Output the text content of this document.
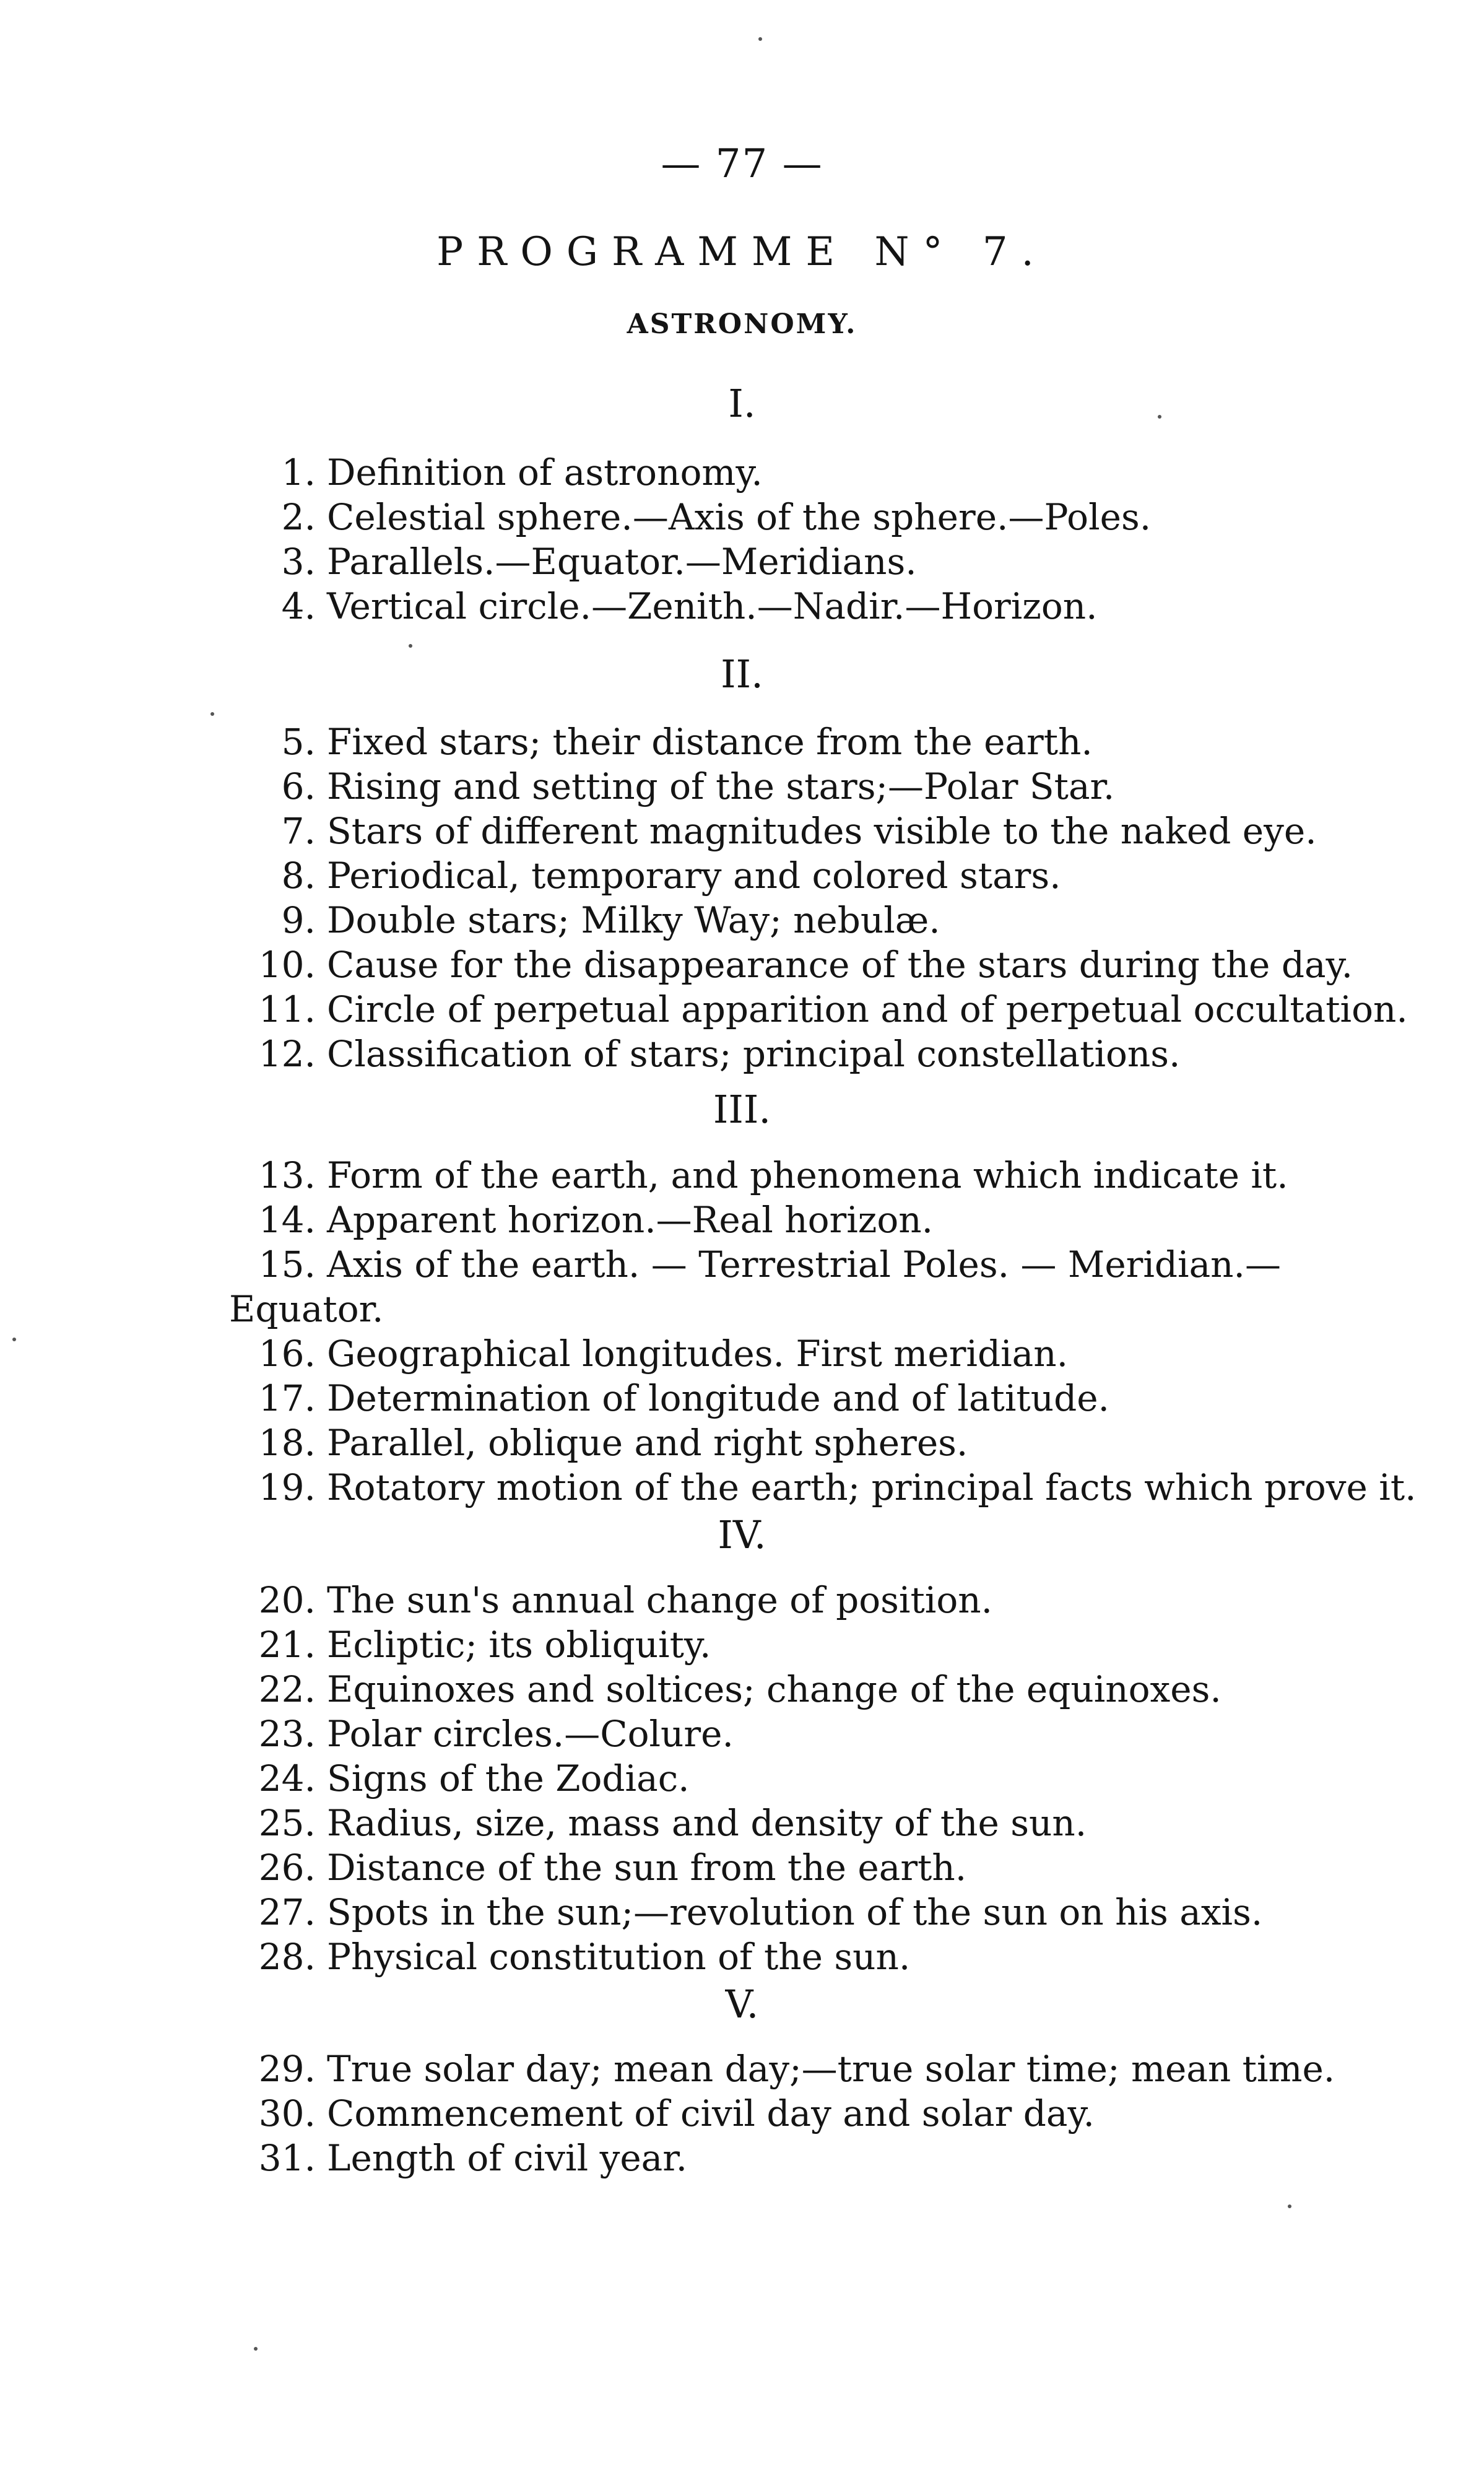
— 77 —
PROGRAMME N° 7.
ASTRONOMY.
I.
1. Definition of astronomy.
2. Celestial sphere.—Axis of the sphere.—Poles.
3. Parallels.—Equator.—Meridians.
4. Vertical circle.—Zenith.—Nadir.—Horizon.
II.
5. Fixed stars; their distance from the earth.
6. Rising and setting of the stars;—Polar Star.
7. Stars of different magnitudes visible to the naked eye.
8. Periodical, temporary and colored stars.
9. Double stars; Milky Way; nebulæ.
10. Cause for the disappearance of the stars during the day.
11. Circle of perpetual apparition and of perpetual occultation.
12. Classification of stars; principal constellations.
III.
13. Form of the earth, and phenomena which indicate it.
14. Apparent horizon.—Real horizon.
15. Axis of the earth. — Terrestrial Poles. — Meridian.—
Equator.
16. Geographical longitudes. First meridian.
17. Determination of longitude and of latitude.
18. Parallel, oblique and right spheres.
19. Rotatory motion of the earth; principal facts which prove it.
IV.
20. The sun's annual change of position.
21. Ecliptic; its obliquity.
22. Equinoxes and soltices; change of the equinoxes.
23. Polar circles.—Colure.
24. Signs of the Zodiac.
25. Radius, size, mass and density of the sun.
26. Distance of the sun from the earth.
27. Spots in the sun;—revolution of the sun on his axis.
28. Physical constitution of the sun.
V.
29. True solar day; mean day;—true solar time; mean time.
30. Commencement of civil day and solar day.
31. Length of civil year.
